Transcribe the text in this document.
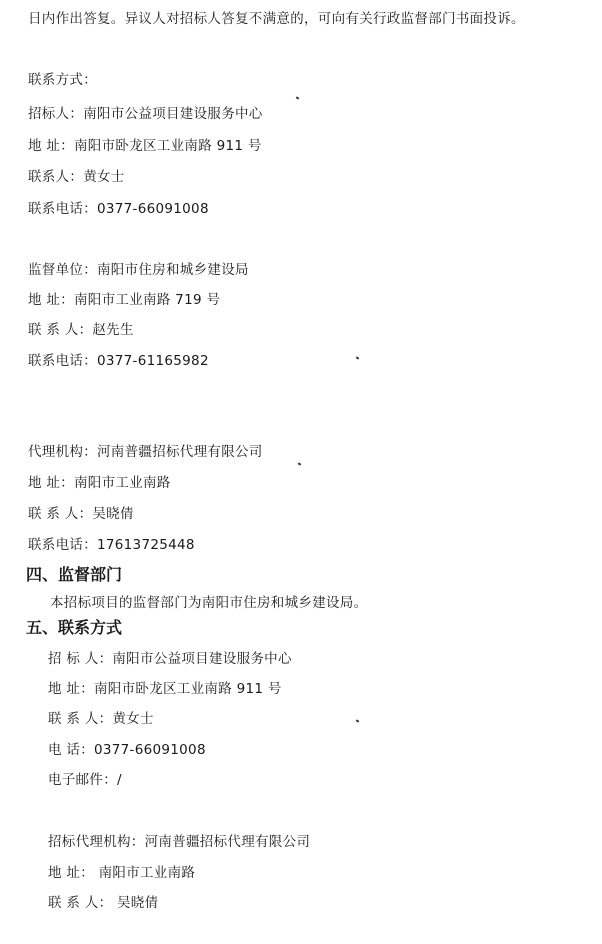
日内作出答复。异议人对招标人答复不满意的，可向有关行政监督部门书面投诉。
联系方式：
招标人：南阳市公益项目建设服务中心
地 址：南阳市卧龙区工业南路 911 号
联系人：黄女士
联系电话：0377-66091008
监督单位：南阳市住房和城乡建设局
地 址：南阳市工业南路 719 号
联 系 人：赵先生
联系电话：0377-61165982
代理机构：河南普疆招标代理有限公司
地 址：南阳市工业南路
联 系 人：吴晓倩
联系电话：17613725448
四、监督部门
本招标项目的监督部门为南阳市住房和城乡建设局。
五、联系方式
招 标 人：南阳市公益项目建设服务中心
地 址：南阳市卧龙区工业南路 911 号
联 系 人：黄女士
电 话：0377-66091008
电子邮件：/
招标代理机构：河南普疆招标代理有限公司
地 址： 南阳市工业南路
联 系 人： 吴晓倩
